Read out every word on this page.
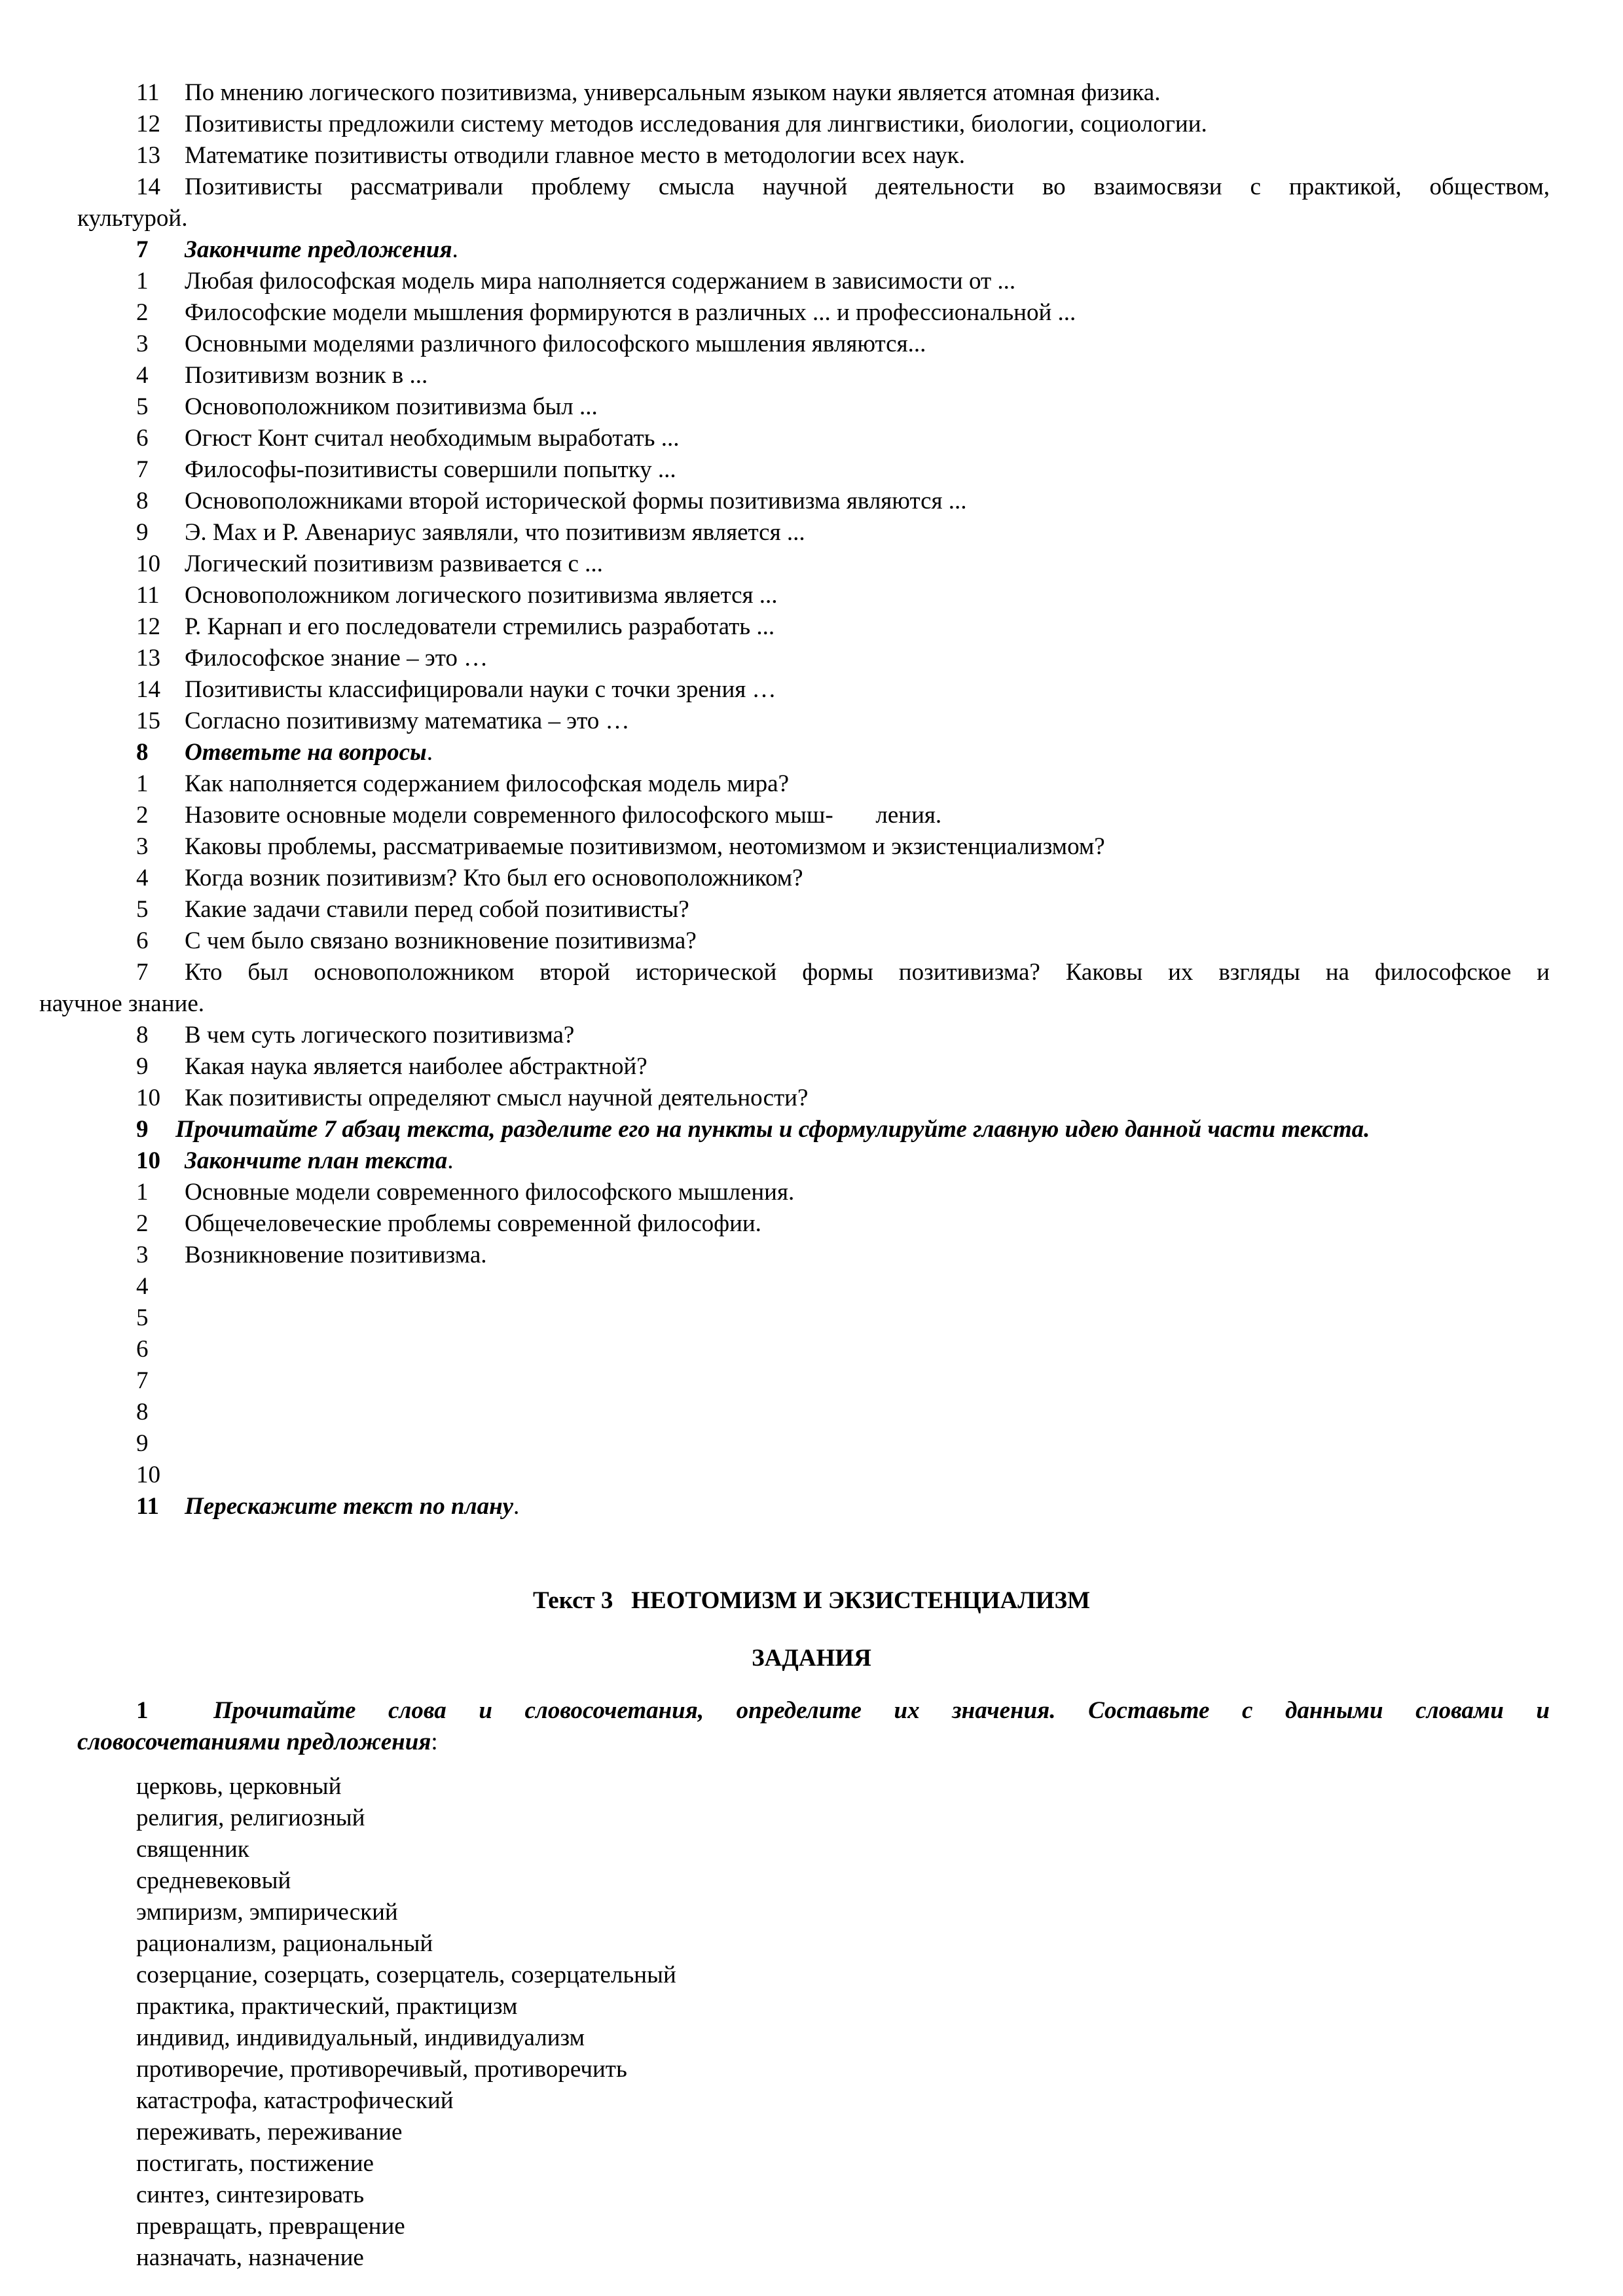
11 По мнению логического позитивизма, универсальным языком науки является атомная физика.
12 Позитивисты предложили систему методов исследования для лингвистики, биологии, социологии.
13 Математике позитивисты отводили главное место в методологии всех наук.
14 Позитивисты рассматривали проблему смысла научной деятельности во взаимосвязи с практикой, обществом,
культурой.
7 Закончите предложения.
1 Любая философская модель мира наполняется содержанием в зависимости от ...
2 Философские модели мышления формируются в различных ... и профессиональной ...
3 Основными моделями различного философского мышления являются...
4 Позитивизм возник в ...
5 Основоположником позитивизма был ...
6 Огюст Конт считал необходимым выработать ...
7 Философы-позитивисты совершили попытку ...
8 Основоположниками второй исторической формы позитивизма являются ...
9 Э. Мах и Р. Авенариус заявляли, что позитивизм является ...
10 Логический позитивизм развивается с ...
11 Основоположником логического позитивизма является ...
12 Р. Карнап и его последователи стремились разработать ...
13 Философское знание – это …
14 Позитивисты классифицировали науки с точки зрения …
15 Согласно позитивизму математика – это …
8 Ответьте на вопросы.
1 Как наполняется содержанием философская модель мира?
2 Назовите основные модели современного философского мыш-       ления.
3 Каковы проблемы, рассматриваемые позитивизмом, неотомизмом и экзистенциализмом?
4 Когда возник позитивизм? Кто был его основоположником?
5 Какие задачи ставили перед собой позитивисты?
6 С чем было связано возникновение позитивизма?
7 Кто был основоположником второй исторической формы позитивизма? Каковы их взгляды на философское и
научное знание.
8 В чем суть логического позитивизма?
9 Какая наука является наиболее абстрактной?
10 Как позитивисты определяют смысл научной деятельности?
9 Прочитайте 7 абзац текста, разделите его на пункты и сформулируйте главную идею данной части текста.
10 Закончите план текста.
1 Основные модели современного философского мышления.
2 Общечеловеческие проблемы современной философии.
3 Возникновение позитивизма.
4
5
6
7
8
9
10
11 Перескажите текст по плану.
Текст 3   НЕОТОМИЗМ И ЭКЗИСТЕНЦИАЛИЗМ
ЗАДАНИЯ
1	Прочитайте слова и словосочетания, определите их значения. Составьте с данными словами и
словосочетаниями предложения:
церковь, церковный
религия, религиозный
священник
средневековый
эмпиризм, эмпирический
рационализм, рациональный
созерцание, созерцать, созерцатель, созерцательный
практика, практический, практицизм
индивид, индивидуальный, индивидуализм
противоречие, противоречивый, противоречить
катастрофа, катастрофический
переживать, переживание
постигать, постижение
синтез, синтезировать
превращать, превращение
назначать, назначение
